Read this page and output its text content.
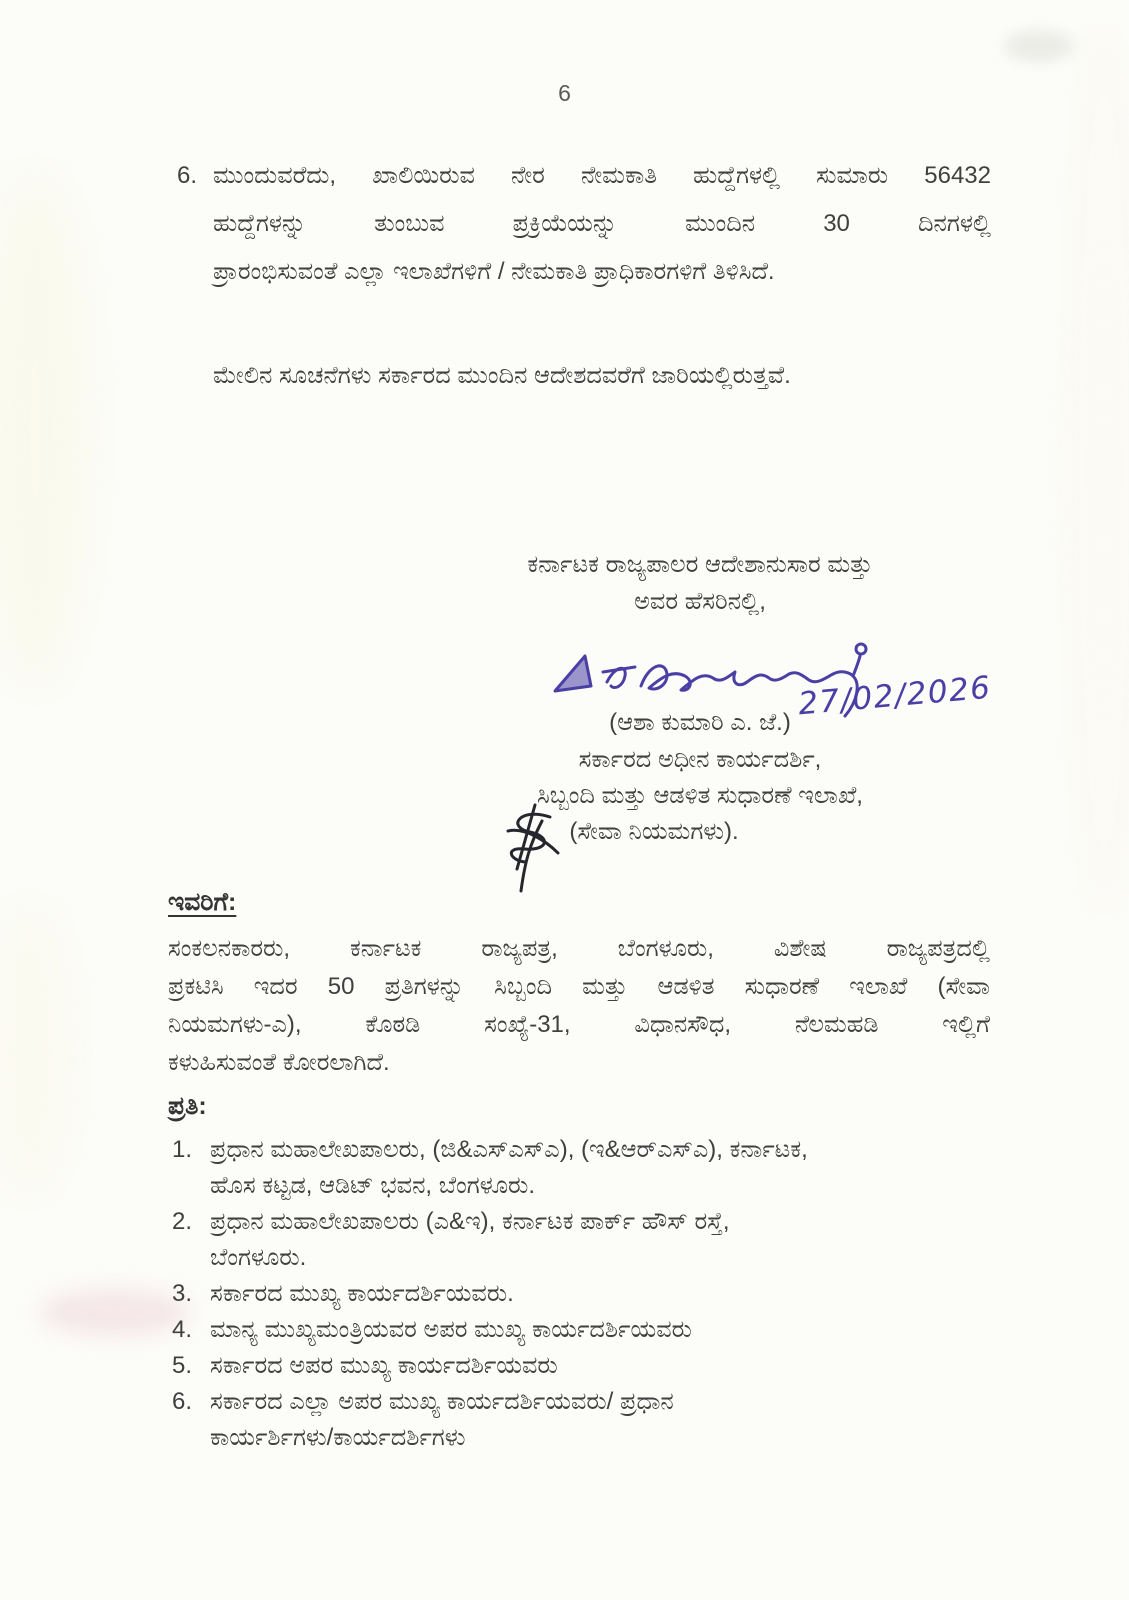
6
6. ಮುಂದುವರೆದು, ಖಾಲಿಯಿರುವ ನೇರ ನೇಮಕಾತಿ ಹುದ್ದೆಗಳಲ್ಲಿ ಸುಮಾರು 56432
ಹುದ್ದೆಗಳನ್ನು ತುಂಬುವ ಪ್ರಕ್ರಿಯೆಯನ್ನು ಮುಂದಿನ 30 ದಿನಗಳಲ್ಲಿ
ಪ್ರಾರಂಭಿಸುವಂತೆ ಎಲ್ಲಾ ಇಲಾಖೆಗಳಿಗೆ / ನೇಮಕಾತಿ ಪ್ರಾಧಿಕಾರಗಳಿಗೆ ತಿಳಿಸಿದೆ.
ಮೇಲಿನ ಸೂಚನೆಗಳು ಸರ್ಕಾರದ ಮುಂದಿನ ಆದೇಶದವರೆಗೆ ಜಾರಿಯಲ್ಲಿರುತ್ತವೆ.
ಕರ್ನಾಟಕ ರಾಜ್ಯಪಾಲರ ಆದೇಶಾನುಸಾರ ಮತ್ತು
ಅವರ ಹೆಸರಿನಲ್ಲಿ,
27/02/2026
(ಆಶಾ ಕುಮಾರಿ ಎ. ಜೆ.)
ಸರ್ಕಾರದ ಅಧೀನ ಕಾರ್ಯದರ್ಶಿ,
ಸಿಬ್ಬಂದಿ ಮತ್ತು ಆಡಳಿತ ಸುಧಾರಣೆ ಇಲಾಖೆ,
(ಸೇವಾ ನಿಯಮಗಳು).
ಇವರಿಗೆ:
ಸಂಕಲನಕಾರರು, ಕರ್ನಾಟಕ ರಾಜ್ಯಪತ್ರ, ಬೆಂಗಳೂರು, ವಿಶೇಷ ರಾಜ್ಯಪತ್ರದಲ್ಲಿ
ಪ್ರಕಟಿಸಿ ಇದರ 50 ಪ್ರತಿಗಳನ್ನು ಸಿಬ್ಬಂದಿ ಮತ್ತು ಆಡಳಿತ ಸುಧಾರಣೆ ಇಲಾಖೆ (ಸೇವಾ
ನಿಯಮಗಳು-ಎ), ಕೊಠಡಿ ಸಂಖ್ಯೆ-31, ವಿಧಾನಸೌಧ, ನೆಲಮಹಡಿ ಇಲ್ಲಿಗೆ
ಕಳುಹಿಸುವಂತೆ ಕೋರಲಾಗಿದೆ.
ಪ್ರತಿ:
1. ಪ್ರಧಾನ ಮಹಾಲೇಖಪಾಲರು, (ಜಿ&ಎಸ್‌ಎಸ್‌ಎ), (ಇ&ಆರ್‌ಎಸ್‌ಎ), ಕರ್ನಾಟಕ,
ಹೊಸ ಕಟ್ಟಡ, ಆಡಿಟ್ ಭವನ, ಬೆಂಗಳೂರು.
2. ಪ್ರಧಾನ ಮಹಾಲೇಖಪಾಲರು (ಎ&ಇ), ಕರ್ನಾಟಕ ಪಾರ್ಕ್ ಹೌಸ್ ರಸ್ತೆ,
ಬೆಂಗಳೂರು.
3. ಸರ್ಕಾರದ ಮುಖ್ಯ ಕಾರ್ಯದರ್ಶಿಯವರು.
4. ಮಾನ್ಯ ಮುಖ್ಯಮಂತ್ರಿಯವರ ಅಪರ ಮುಖ್ಯ ಕಾರ್ಯದರ್ಶಿಯವರು
5. ಸರ್ಕಾರದ ಅಪರ ಮುಖ್ಯ ಕಾರ್ಯದರ್ಶಿಯವರು
6. ಸರ್ಕಾರದ ಎಲ್ಲಾ ಅಪರ ಮುಖ್ಯ ಕಾರ್ಯದರ್ಶಿಯವರು/ ಪ್ರಧಾನ
ಕಾರ್ಯರ್ಶಿಗಳು/ಕಾರ್ಯದರ್ಶಿಗಳು
